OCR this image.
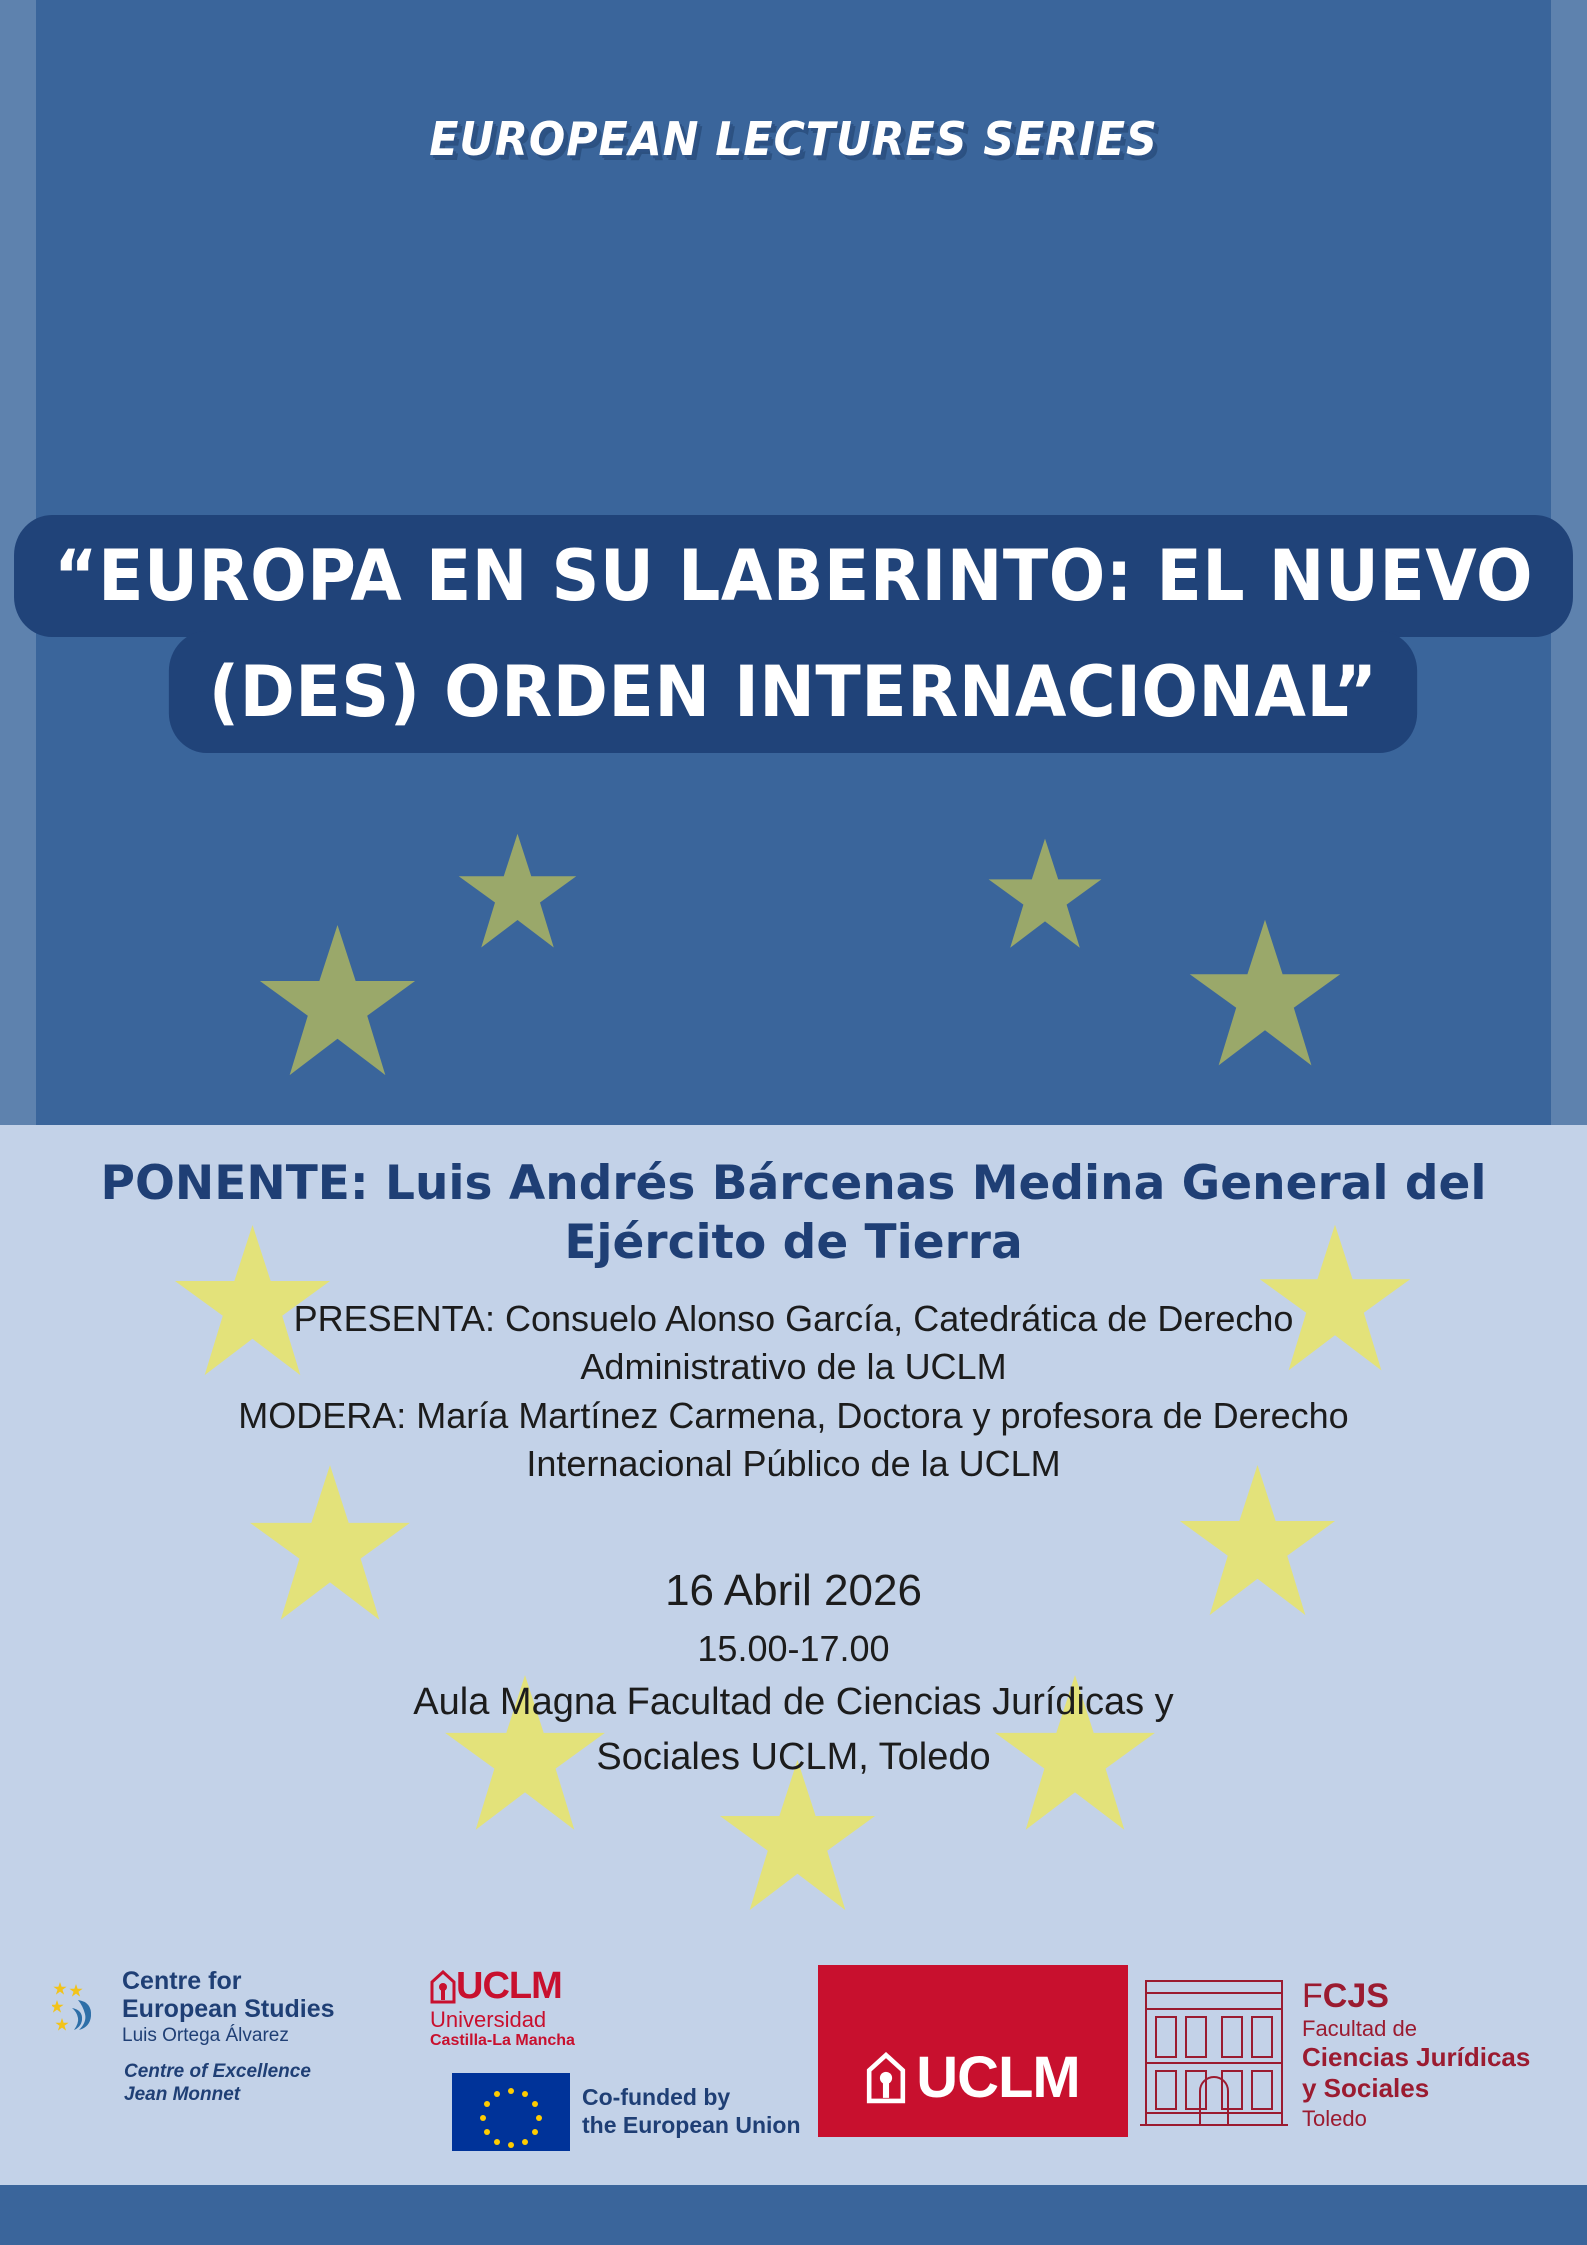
EUROPEAN LECTURES SERIES
“EUROPA EN SU LABERINTO: EL NUEVO
(DES) ORDEN INTERNACIONAL”
PONENTE: Luis Andrés Bárcenas Medina General del Ejército de Tierra
PRESENTA: Consuelo Alonso García, Catedrática de Derecho
Administrativo de la UCLM
MODERA: María Martínez Carmena, Doctora y profesora de Derecho
Internacional Público de la UCLM
16 Abril 2026
15.00-17.00
Aula Magna Facultad de Ciencias Jurídicas y
Sociales UCLM, Toledo
Centre for
European Studies
Luis Ortega Álvarez
Centre of Excellence
Jean Monnet
UCLM
Universidad
Castilla-La Mancha
Co-funded by
the European Union
UCLM
FCJS
Facultad de
Ciencias Jurídicas
y Sociales
Toledo
